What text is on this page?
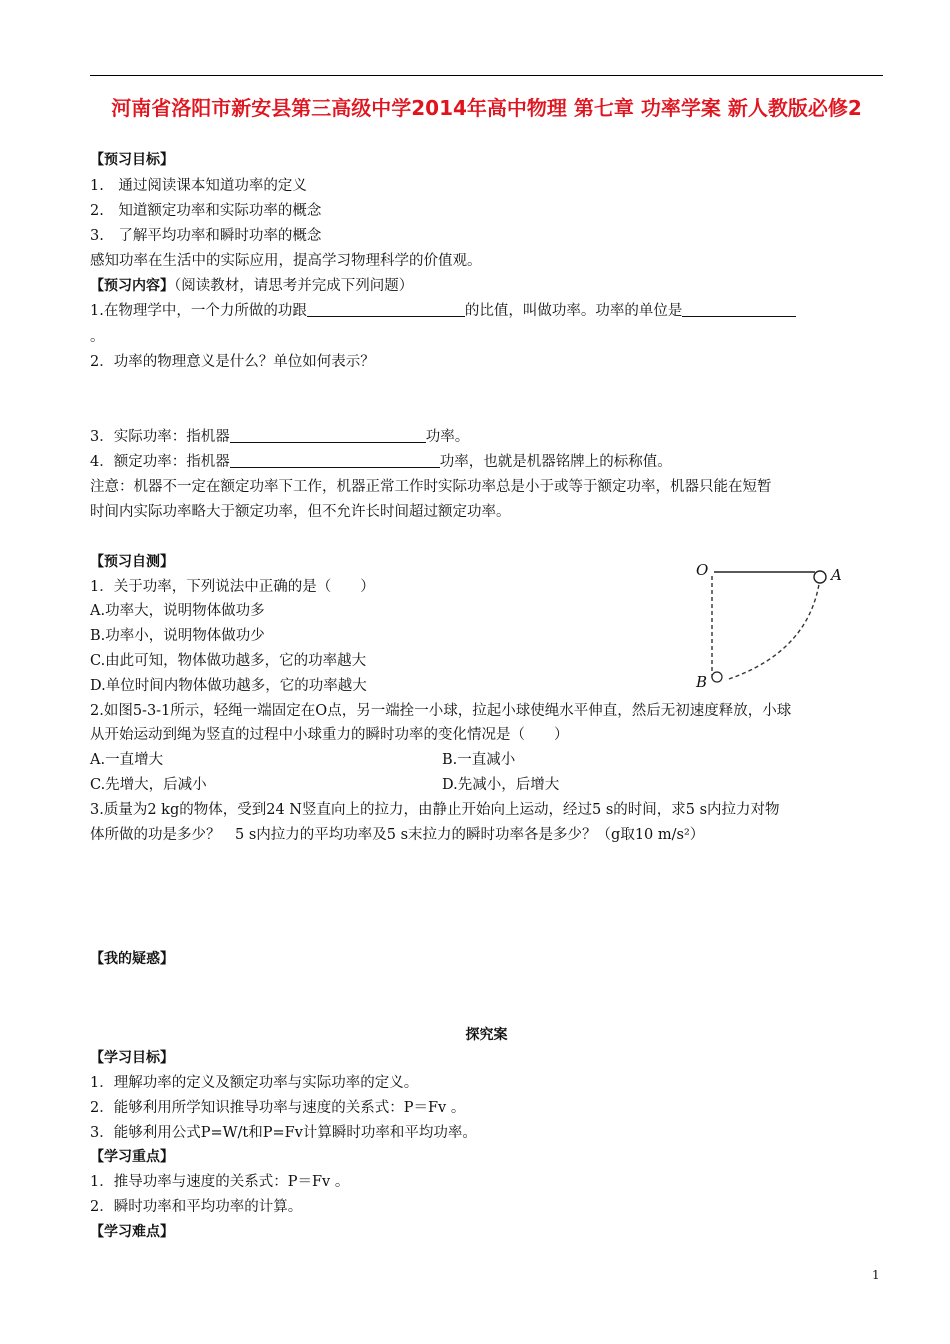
河南省洛阳市新安县第三高级中学2014年高中物理 第七章 功率学案 新人教版必修2
【预习目标】
1.　通过阅读课本知道功率的定义
2.　知道额定功率和实际功率的概念
3.　了解平均功率和瞬时功率的概念
感知功率在生活中的实际应用，提高学习物理科学的价值观。
【预习内容】（阅读教材，请思考并完成下列问题）
1.在物理学中，一个力所做的功跟	的比值，叫做功率。功率的单位是
。
2．功率的物理意义是什么？单位如何表示？
3．实际功率：指机器	功率。
4．额定功率：指机器	功率，也就是机器铭牌上的标称值。
注意：机器不一定在额定功率下工作，机器正常工作时实际功率总是小于或等于额定功率，机器只能在短暂
时间内实际功率略大于额定功率，但不允许长时间超过额定功率。
【预习自测】
1．关于功率，下列说法中正确的是（　　）
A.功率大，说明物体做功多
B.功率小，说明物体做功少
C.由此可知，物体做功越多，它的功率越大
D.单位时间内物体做功越多，它的功率越大
O	A
B
2.如图5-3-1所示，轻绳一端固定在O点，另一端拴一小球，拉起小球使绳水平伸直，然后无初速度释放，小球
从开始运动到绳为竖直的过程中小球重力的瞬时功率的变化情况是（　　）
A.一直增大	B.一直减小
C.先增大，后减小	D.先减小，后增大
3.质量为2 kg的物体，受到24 N竖直向上的拉力，由静止开始向上运动，经过5 s的时间，求5 s内拉力对物
体所做的功是多少？　5 s内拉力的平均功率及5 s末拉力的瞬时功率各是多少？（g取10 m/s²）
【我的疑惑】
探究案
【学习目标】
1．理解功率的定义及额定功率与实际功率的定义。
2．能够利用所学知识推导功率与速度的关系式：P＝Fv 。
3．能够利用公式P=W/t和P=Fv计算瞬时功率和平均功率。
【学习重点】
1．推导功率与速度的关系式：P＝Fv 。
2．瞬时功率和平均功率的计算。
【学习难点】
1
